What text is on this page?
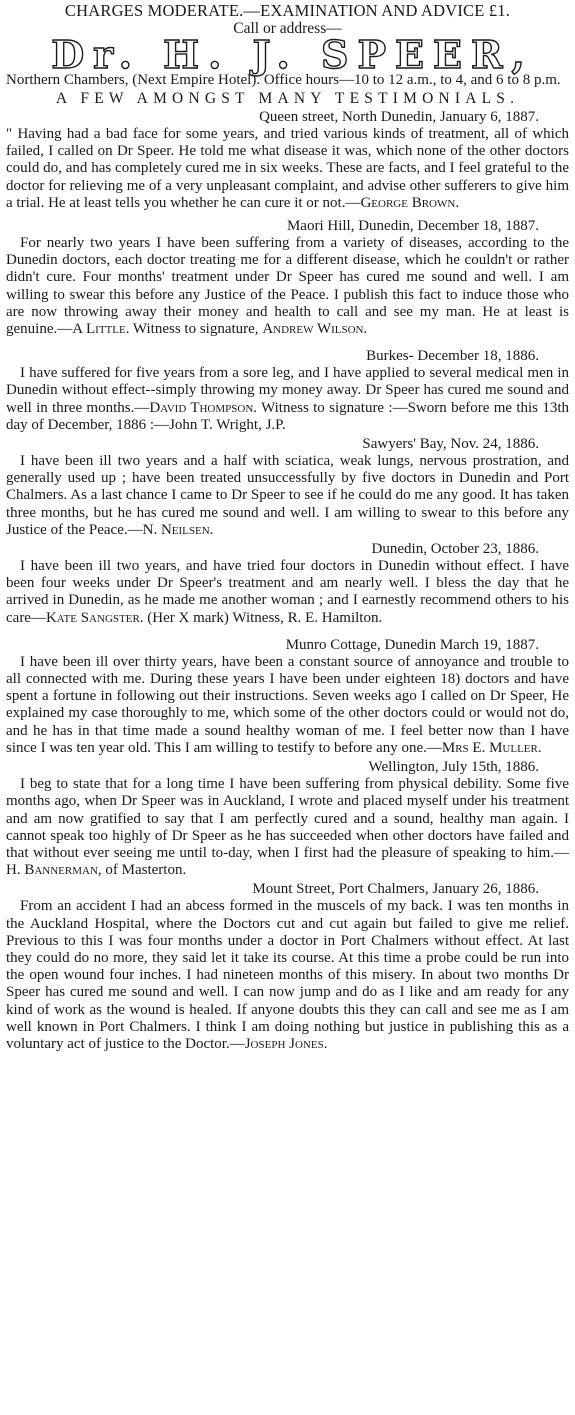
CHARGES MODERATE.—EXAMINATION AND ADVICE £1.

Call or address—

Dr. H. J. SPEER,

Northern Chambers, (Next Empire Hotel). Office hours—10 to 12 a.m., to 4, and 6 to 8 p.m.

A FEW AMONGST MANY TESTIMONIALS.

Queen street, North Dunedin, January 6, 1887.

" Having had a bad face for some years, and tried various kinds of treatment, all of which failed, I called on Dr Speer. He told me what disease it was, which none of the other doctors could do, and has completely cured me in six weeks. These are facts, and I feel grateful to the doctor for relieving me of a very unpleasant complaint, and advise other sufferers to give him a trial. He at least tells you whether he can cure it or not.—George Brown.

Maori Hill, Dunedin, December 18, 1887.

For nearly two years I have been suffering from a variety of diseases, according to the Dunedin doctors, each doctor treating me for a different disease, which he couldn't or rather didn't cure. Four months' treatment under Dr Speer has cured me sound and well. I am willing to swear this before any Justice of the Peace. I publish this fact to induce those who are now throwing away their money and health to call and see my man. He at least is genuine.—A Little. Witness to signature, Andrew Wilson.

Burkes- December 18, 1886.

I have suffered for five years from a sore leg, and I have applied to several medical men in Dunedin without effect--simply throwing my money away. Dr Speer has cured me sound and well in three months.—David Thompson. Witness to signature :—Sworn before me this 13th day of December, 1886 :—John T. Wright, J.P.

Sawyers' Bay, Nov. 24, 1886.

I have been ill two years and a half with sciatica, weak lungs, nervous prostration, and generally used up ; have been treated unsuccessfully by five doctors in Dunedin and Port Chalmers. As a last chance I came to Dr Speer to see if he could do me any good. It has taken three months, but he has cured me sound and well. I am willing to swear to this before any Justice of the Peace.—N. Neilsen.

Dunedin, October 23, 1886.

I have been ill two years, and have tried four doctors in Dunedin without effect. I have been four weeks under Dr Speer's treatment and am nearly well. I bless the day that he arrived in Dunedin, as he made me another woman ; and I earnestly recommend others to his care—Kate Sangster. (Her X mark) Witness, R. E. Hamilton.

Munro Cottage, Dunedin March 19, 1887.

I have been ill over thirty years, have been a constant source of annoyance and trouble to all connected with me. During these years I have been under eighteen 18) doctors and have spent a fortune in following out their instructions. Seven weeks ago I called on Dr Speer, He explained my case thoroughly to me, which some of the other doctors could or would not do, and he has in that time made a sound healthy woman of me. I feel better now than I have since I was ten year old. This I am willing to testify to before any one.—Mrs E. Muller.

Wellington, July 15th, 1886.

I beg to state that for a long time I have been suffering from physical debility. Some five months ago, when Dr Speer was in Auckland, I wrote and placed myself under his treatment and am now gratified to say that I am perfectly cured and a sound, healthy man again. I cannot speak too highly of Dr Speer as he has succeeded when other doctors have failed and that without ever seeing me until to-day, when I first had the pleasure of speaking to him.—H. Bannerman, of Masterton.

Mount Street, Port Chalmers, January 26, 1886.

From an accident I had an abcess formed in the muscels of my back. I was ten months in the Auckland Hospital, where the Doctors cut and cut again but failed to give me relief. Previous to this I was four months under a doctor in Port Chalmers without effect. At last they could do no more, they said let it take its course. At this time a probe could be run into the open wound four inches. I had nineteen months of this misery. In about two months Dr Speer has cured me sound and well. I can now jump and do as I like and am ready for any kind of work as the wound is healed. If anyone doubts this they can call and see me as I am well known in Port Chalmers. I think I am doing nothing but justice in publishing this as a voluntary act of justice to the Doctor.—Joseph Jones.
